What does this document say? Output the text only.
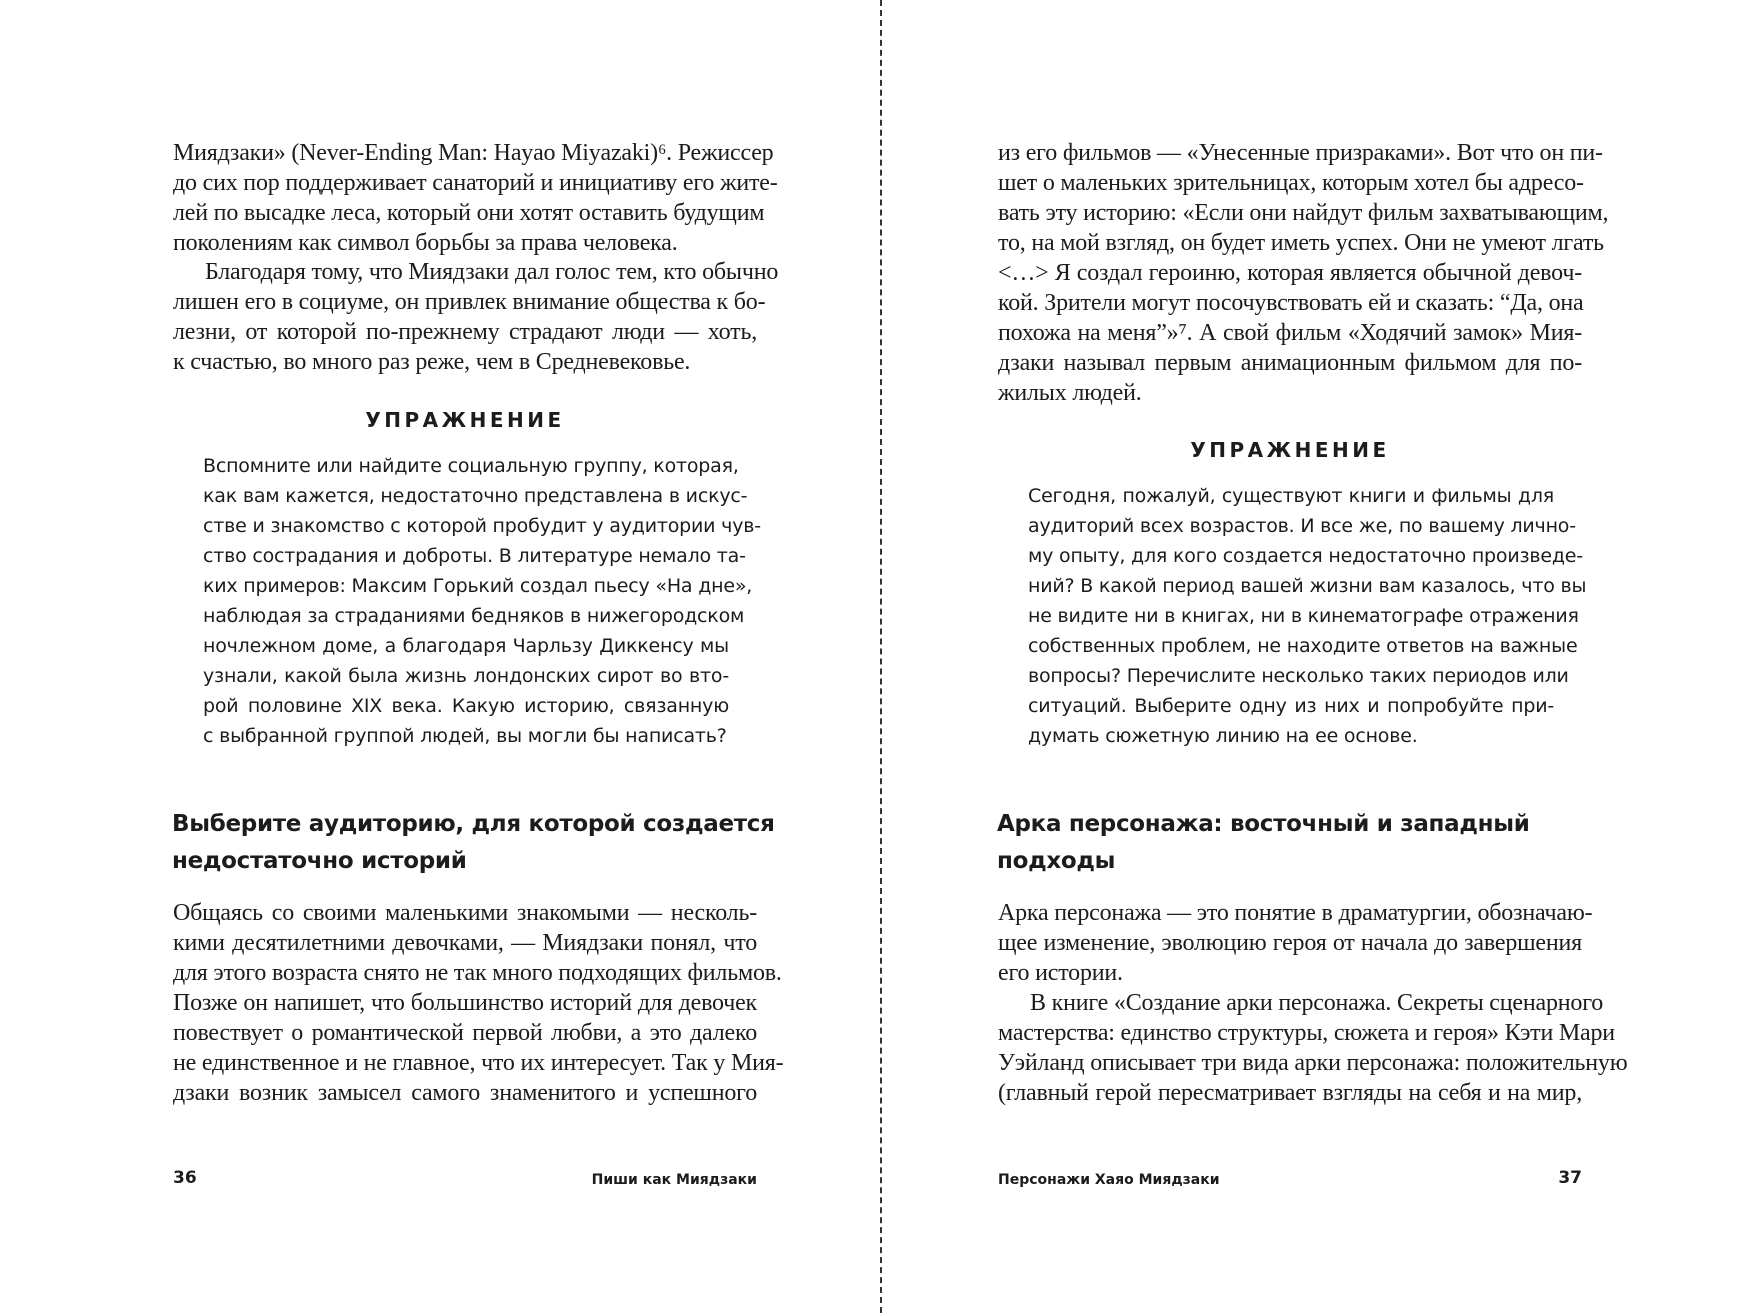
Миядзаки» (Never-Ending Man: Hayao Miyazaki)⁶. Режиссер
до сих пор поддерживает санаторий и инициативу его жите-
лей по высадке леса, который они хотят оставить будущим
поколениям как символ борьбы за права человека.
Благодаря тому, что Миядзаки дал голос тем, кто обычно
лишен его в социуме, он привлек внимание общества к бо-
лезни, от которой по-прежнему страдают люди — хоть,
к счастью, во много раз реже, чем в Средневековье.
УПРАЖНЕНИЕ
Вспомните или найдите социальную группу, которая,
как вам кажется, недостаточно представлена в искус-
стве и знакомство с которой пробудит у аудитории чув-
ство сострадания и доброты. В литературе немало та-
ких примеров: Максим Горький создал пьесу «На дне»,
наблюдая за страданиями бедняков в нижегородском
ночлежном доме, а благодаря Чарльзу Диккенсу мы
узнали, какой была жизнь лондонских сирот во вто-
рой половине XIX века. Какую историю, связанную
с выбранной группой людей, вы могли бы написать?
Выберите аудиторию, для которой создается
недостаточно историй
Общаясь со своими маленькими знакомыми — несколь-
кими десятилетними девочками, — Миядзаки понял, что
для этого возраста снято не так много подходящих фильмов.
Позже он напишет, что большинство историй для девочек
повествует о романтической первой любви, а это далеко
не единственное и не главное, что их интересует. Так у Мия-
дзаки возник замысел самого знаменитого и успешного
36	Пиши как Миядзаки
из его фильмов — «Унесенные призраками». Вот что он пи-
шет о маленьких зрительницах, которым хотел бы адресо-
вать эту историю: «Если они найдут фильм захватывающим,
то, на мой взгляд, он будет иметь успех. Они не умеют лгать
<…> Я создал героиню, которая является обычной девоч-
кой. Зрители могут посочувствовать ей и сказать: “Да, она
похожа на меня”»⁷. А свой фильм «Ходячий замок» Мия-
дзаки называл первым анимационным фильмом для по-
жилых людей.
УПРАЖНЕНИЕ
Сегодня, пожалуй, существуют книги и фильмы для
аудиторий всех возрастов. И все же, по вашему лично-
му опыту, для кого создается недостаточно произведе-
ний? В какой период вашей жизни вам казалось, что вы
не видите ни в книгах, ни в кинематографе отражения
собственных проблем, не находите ответов на важные
вопросы? Перечислите несколько таких периодов или
ситуаций. Выберите одну из них и попробуйте при-
думать сюжетную линию на ее основе.
Арка персонажа: восточный и западный
подходы
Арка персонажа — это понятие в драматургии, обозначаю-
щее изменение, эволюцию героя от начала до завершения
его истории.
В книге «Создание арки персонажа. Секреты сценарного
мастерства: единство структуры, сюжета и героя» Кэти Мари
Уэйланд описывает три вида арки персонажа: положительную
(главный герой пересматривает взгляды на себя и на мир,
Персонажи Хаяо Миядзаки	37
